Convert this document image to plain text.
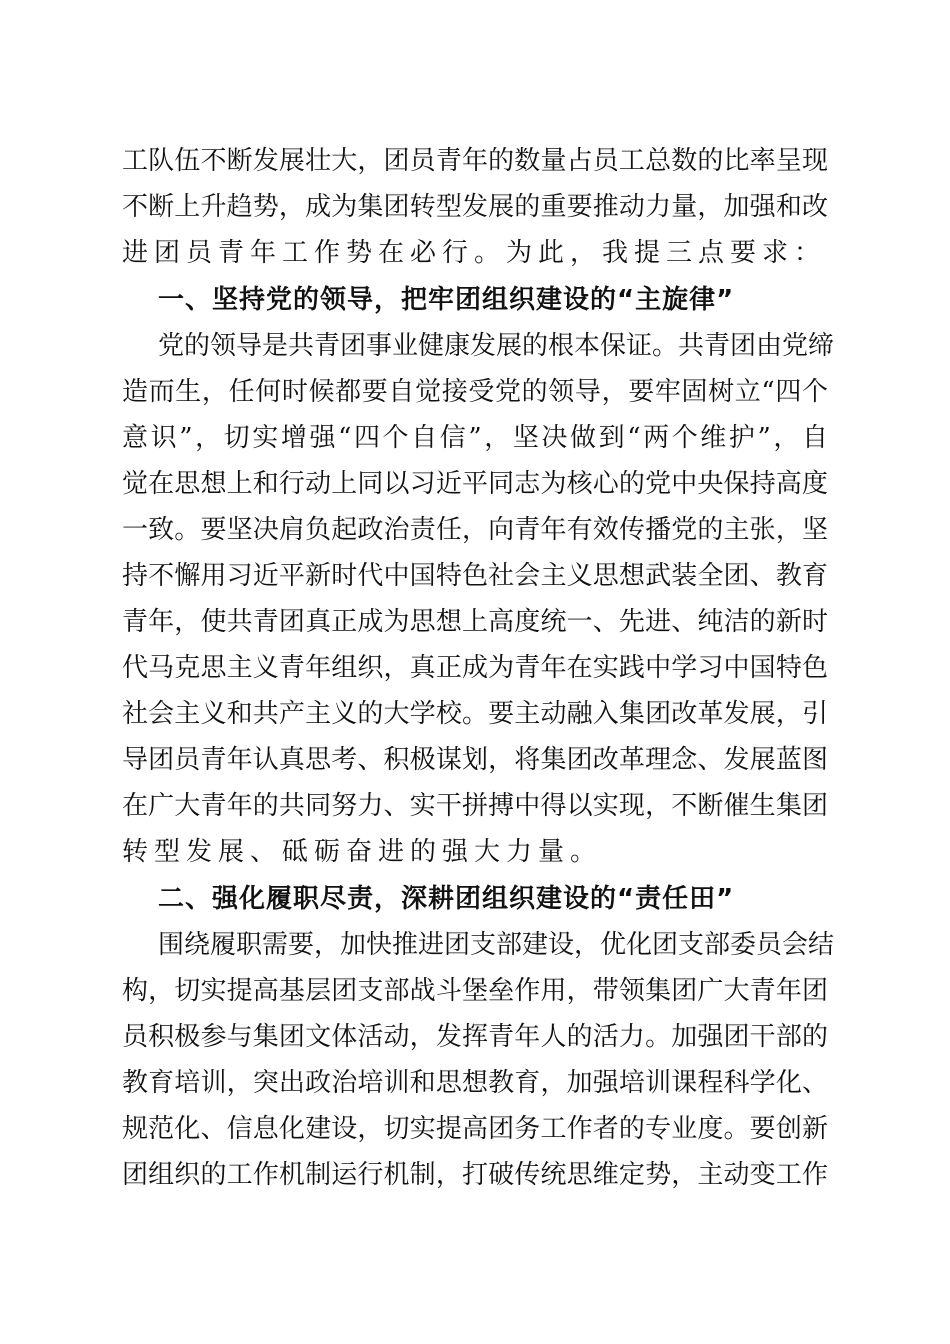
工队伍不断发展壮大，团员青年的数量占员工总数的比率呈现
不断上升趋势，成为集团转型发展的重要推动力量，加强和改
进团员青年工作势在必行。为此，我提三点要求：
一、坚持党的领导，把牢团组织建设的“主旋律”
党的领导是共青团事业健康发展的根本保证。共青团由党缔
造而生，任何时候都要自觉接受党的领导，要牢固树立“四个
意识”，切实增强“四个自信”，坚决做到“两个维护”，自
觉在思想上和行动上同以习近平同志为核心的党中央保持高度
一致。要坚决肩负起政治责任，向青年有效传播党的主张，坚
持不懈用习近平新时代中国特色社会主义思想武装全团、教育
青年，使共青团真正成为思想上高度统一、先进、纯洁的新时
代马克思主义青年组织，真正成为青年在实践中学习中国特色
社会主义和共产主义的大学校。要主动融入集团改革发展，引
导团员青年认真思考、积极谋划，将集团改革理念、发展蓝图
在广大青年的共同努力、实干拼搏中得以实现，不断催生集团
转型发展、砥砺奋进的强大力量。
二、强化履职尽责，深耕团组织建设的“责任田”
围绕履职需要，加快推进团支部建设，优化团支部委员会结
构，切实提高基层团支部战斗堡垒作用，带领集团广大青年团
员积极参与集团文体活动，发挥青年人的活力。加强团干部的
教育培训，突出政治培训和思想教育，加强培训课程科学化、
规范化、信息化建设，切实提高团务工作者的专业度。要创新
团组织的工作机制运行机制，打破传统思维定势，主动变工作
